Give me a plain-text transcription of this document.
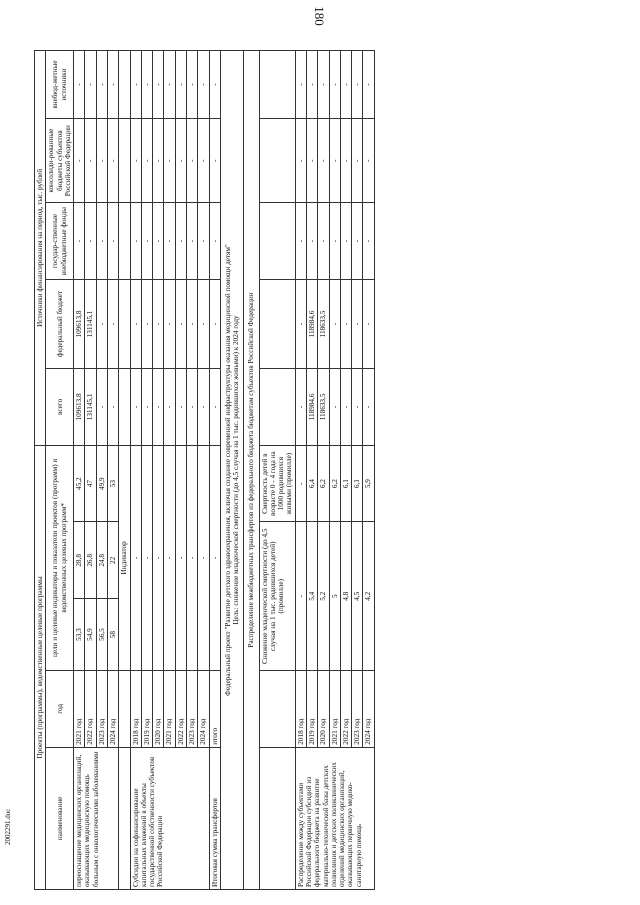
180
Проекты (программы), ведомственные целевые программы					Источники финансирования на период, тыс. рублей				
наименование	год	цели и целевые индикаторы и показатели проектов (программ) и ведомственных целевых программ*			всего	федеральный бюджет	государ-ственные внебюджетные фонды	консолиди-рованные бюджеты субъектов Российской Федерации	внебюд-жетные источники
переоснащение медицинских организаций, оказывающих медицинскую помощь больным с онкологическими заболеваниями	2021 год	53,3	28,8	45,2	109613,8	109613,8	-	-	-
	2022 год	54,9	26,8	47	131145,1	131145,1	-	-	-
	2023 год	56,5	24,8	49,9	-	-	-	-	-
	2024 год	58	22	53	-	-	-	-	-
		Индикатор							
Субсидии на софинансирование капитальных вложений в объекты государственной собственности субъектов Российской Федерации	2018 год	-			-	-	-	-	-
	2019 год	-			-	-	-	-	-
	2020 год	-			-	-	-	-	-
	2021 год	-			-	-	-	-	-
	2022 год	-			-	-	-	-	-
	2023 год	-			-	-	-	-	-
	2024 год	-			-	-	-	-	-
Итоговая сумма трансфертов	итого	-			-	-	-	-	-

Федеральный проект "Развитие детского здравоохранения, включая создание современной инфраструктуры оказания медицинской помощи детям" Цель: снижение младенческой смертности (до 4,5 случая на 1 тыс. родившихся живыми) к 2024 году									

Распределение межбюджетных трансфертов из федерального бюджета бюджетам субъектов Российской Федерации									
		Снижение младенческой смертности (до 4,5 случая на 1 тыс. родившихся детей) (промилле)		Смертность детей в возрасте 0 - 4 года на 1000 родившихся живыми (промилле)					
Распределение между субъектами Российской Федерации субсидий из федерального бюджета на развитие материально-технической базы детских поликлиник и детских поликлинических отделений медицинских организаций, оказывающих первичную медико-санитарную помощь	2018 год	-		-	-	-	-	-	-
	2019 год	5,4		6,4	118984,6	118984,6	-	-	-
	2020 год	5,2		6,2	118633,5	118633,5	-	-	-
	2021 год	5		6,2	-	-	-	-	-
	2022 год	4,8		6,1	-	-	-	-	-
	2023 год	4,5		6,1	-	-	-	-	-
	2024 год	4,2		5,9	-	-	-	-	-
2002291.doc
